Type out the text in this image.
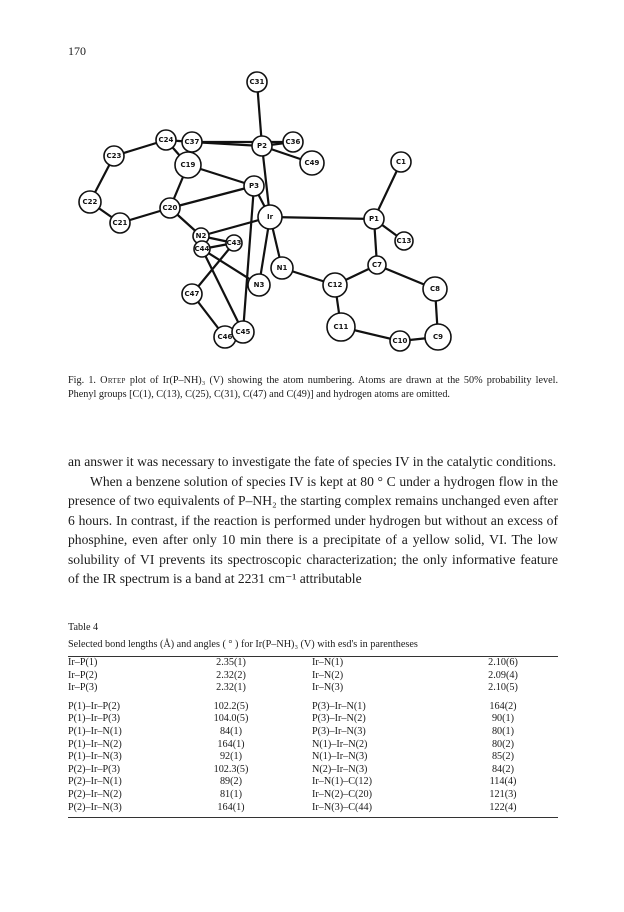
170
C31
C24 C37	C36
P2
C23
C19	C49	C1
P3
C22
C20
Ir	P1
C21
N2
C43
C44
C13
N1	C7
N3	C12	C8
C47
C11
C46
C45
C10	C9
Fig. 1. Ortep plot of Ir(P–NH)₃ (V) showing the atom numbering. Atoms are drawn at the 50% probability level. Phenyl groups [C(1), C(13), C(25), C(31), C(47) and C(49)] and hydrogen atoms are omitted.

an answer it was necessary to investigate the fate of species IV in the catalytic conditions.

When a benzene solution of species IV is kept at 80 ° C under a hydrogen flow in the presence of two equivalents of P–NH₂ the starting complex remains unchanged even after 6 hours. In contrast, if the reaction is performed under hydrogen but without an excess of phosphine, even after only 10 min there is a precipitate of a yellow solid, VI. The low solubility of VI prevents its spectroscopic characterization; the only informative feature of the IR spectrum is a band at 2231 cm⁻¹ attributable

Table 4
Selected bond lengths (Å) and angles ( ° ) for Ir(P–NH)₃ (V) with esd's in parentheses
Ir–P(1)	2.35(1)	Ir–N(1)	2.10(6)
Ir–P(2)	2.32(2)	Ir–N(2)	2.09(4)
Ir–P(3)	2.32(1)	Ir–N(3)	2.10(5)

P(1)–Ir–P(2)	102.2(5)	P(3)–Ir–N(1)	164(2)
P(1)–Ir–P(3)	104.0(5)	P(3)–Ir–N(2)	90(1)
P(1)–Ir–N(1)	84(1)	P(3)–Ir–N(3)	80(1)
P(1)–Ir–N(2)	164(1)	N(1)–Ir–N(2)	80(2)
P(1)–Ir–N(3)	92(1)	N(1)–Ir–N(3)	85(2)
P(2)–Ir–P(3)	102.3(5)	N(2)–Ir–N(3)	84(2)
P(2)–Ir–N(1)	89(2)	Ir–N(1)–C(12)	114(4)
P(2)–Ir–N(2)	81(1)	Ir–N(2)–C(20)	121(3)
P(2)–Ir–N(3)	164(1)	Ir–N(3)–C(44)	122(4)
